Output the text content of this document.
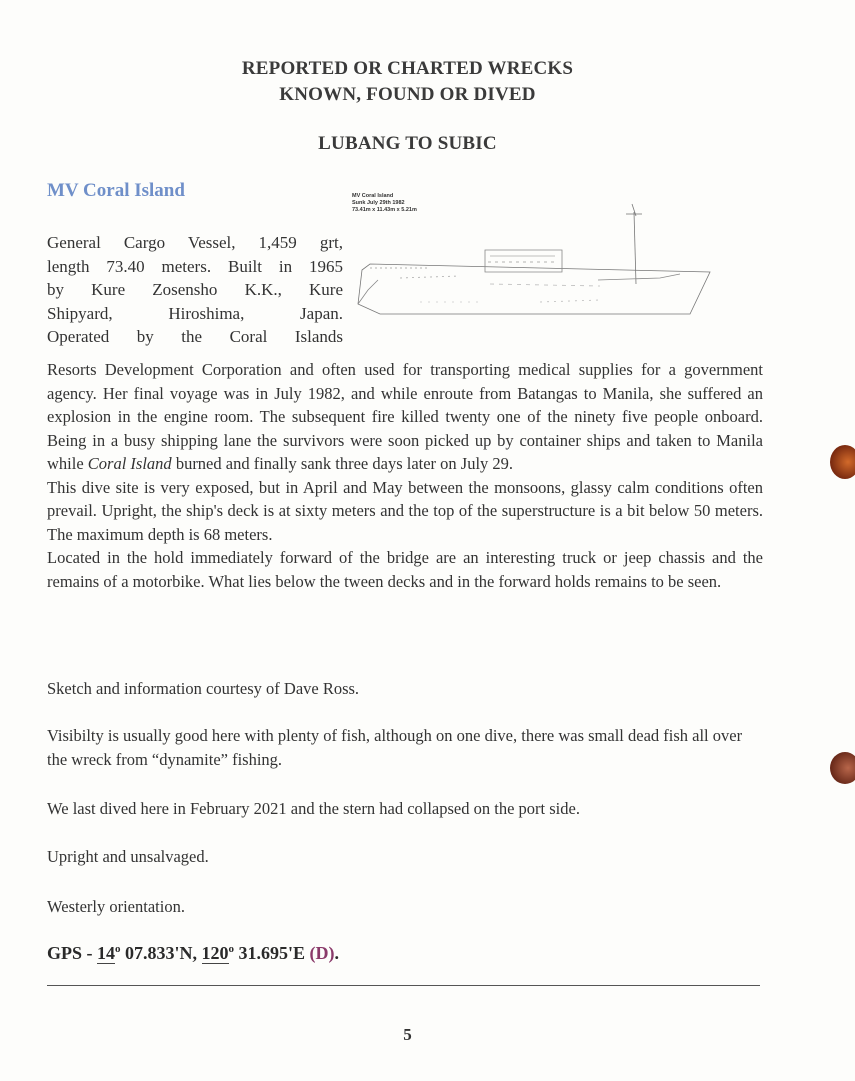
REPORTED OR CHARTED WRECKS
KNOWN, FOUND OR DIVED
LUBANG TO SUBIC
MV Coral Island	MV Coral Island
Sunk July 29th 1982
73.41m x 11.43m x 5.21m
General Cargo Vessel, 1,459 grt,
length 73.40 meters. Built in 1965
by Kure Zosensho K.K., Kure
Shipyard, Hiroshima, Japan.
Operated by the Coral Islands
Resorts Development Corporation and often used for transporting medical supplies for a government agency. Her final voyage was in July 1982, and while enroute from Batangas to Manila, she suffered an explosion in the engine room. The subsequent fire killed twenty one of the ninety five people onboard. Being in a busy shipping lane the survivors were soon picked up by container ships and taken to Manila while Coral Island burned and finally sank three days later on July 29.
This dive site is very exposed, but in April and May between the monsoons, glassy calm conditions often prevail. Upright, the ship's deck is at sixty meters and the top of the superstructure is a bit below 50 meters. The maximum depth is 68 meters.
Located in the hold immediately forward of the bridge are an interesting truck or jeep chassis and the remains of a motorbike. What lies below the tween decks and in the forward holds remains to be seen.
Sketch and information courtesy of Dave Ross.
Visibilty is usually good here with plenty of fish, although on one dive, there was small dead fish all over the wreck from “dynamite” fishing.
We last dived here in February 2021 and the stern had collapsed on the port side.
Upright and unsalvaged.
Westerly orientation.
GPS - 14$^o$ 07.833'N, 120$^o$ 31.695'E (D).
5
